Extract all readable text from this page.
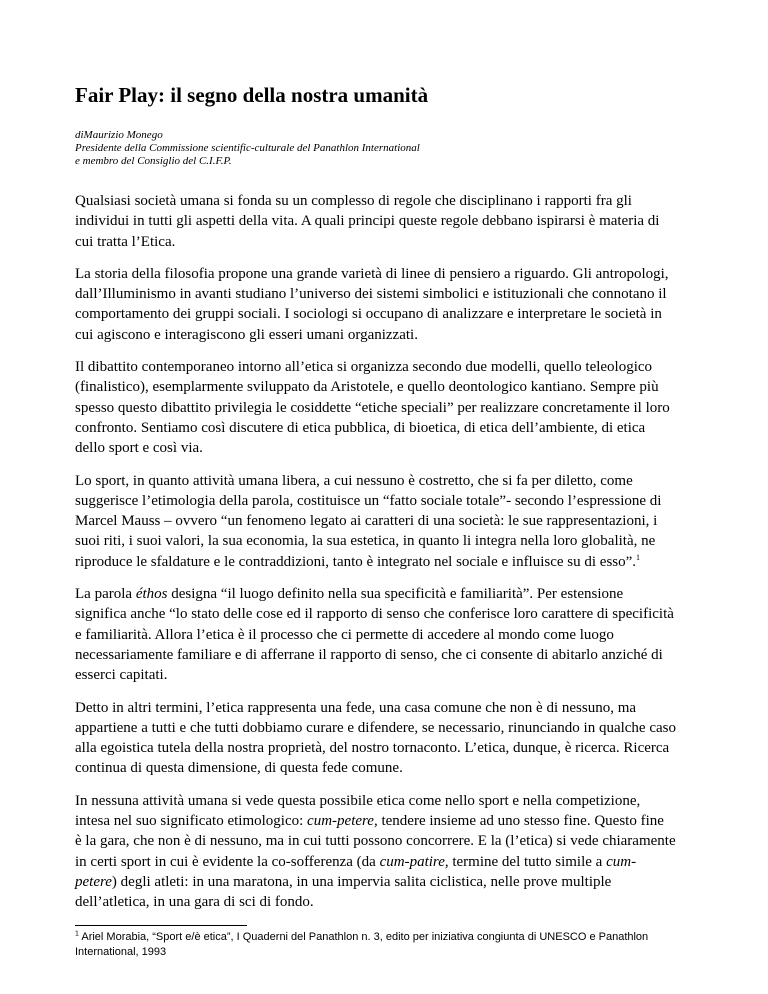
Fair Play: il segno della nostra umanità
diMaurizio Monego
Presidente della Commissione scientific-culturale del Panathlon International
e membro del Consiglio del C.I.F.P.
Qualsiasi società umana si fonda su un complesso di regole che disciplinano i rapporti fra gli
individui in tutti gli aspetti della vita. A quali principi queste regole debbano ispirarsi è materia di
cui tratta l’Etica.
La storia della filosofia propone una grande varietà di linee di pensiero a riguardo. Gli antropologi,
dall’Illuminismo in avanti studiano l’universo dei sistemi simbolici e istituzionali che connotano il
comportamento dei gruppi sociali. I sociologi si occupano di analizzare e interpretare le società in
cui agiscono e interagiscono gli esseri umani organizzati.
Il dibattito contemporaneo intorno all’etica si organizza secondo due modelli, quello teleologico
(finalistico), esemplarmente sviluppato da Aristotele, e quello deontologico kantiano. Sempre più
spesso questo dibattito privilegia le cosiddette “etiche speciali” per realizzare concretamente il loro
confronto. Sentiamo così discutere di etica pubblica, di bioetica, di etica dell’ambiente, di etica
dello sport e così via.
Lo sport, in quanto attività umana libera, a cui nessuno è costretto, che si fa per diletto, come
suggerisce l’etimologia della parola, costituisce un “fatto sociale totale”- secondo l’espressione di
Marcel Mauss – ovvero “un fenomeno legato ai caratteri di una società: le sue rappresentazioni, i
suoi riti, i suoi valori, la sua economia, la sua estetica, in quanto li integra nella loro globalità, ne
riproduce le sfaldature e le contraddizioni, tanto è integrato nel sociale e influisce su di esso”.$^1$
La parola éthos designa “il luogo definito nella sua specificità e familiarità”. Per estensione
significa anche “lo stato delle cose ed il rapporto di senso che conferisce loro carattere di specificità
e familiarità. Allora l’etica è il processo che ci permette di accedere al mondo come luogo
necessariamente familiare e di afferrane il rapporto di senso, che ci consente di abitarlo anziché di
esserci capitati.
Detto in altri termini, l’etica rappresenta una fede, una casa comune che non è di nessuno, ma
appartiene a tutti e che tutti dobbiamo curare e difendere, se necessario, rinunciando in qualche caso
alla egoistica tutela della nostra proprietà, del nostro tornaconto. L’etica, dunque, è ricerca. Ricerca
continua di questa dimensione, di questa fede comune.
In nessuna attività umana si vede questa possibile etica come nello sport e nella competizione,
intesa nel suo significato etimologico: cum-petere, tendere insieme ad uno stesso fine. Questo fine
è la gara, che non è di nessuno, ma in cui tutti possono concorrere. E la (l’etica) si vede chiaramente
in certi sport in cui è evidente la co-sofferenza (da cum-patire, termine del tutto simile a cum-
petere) degli atleti: in una maratona, in una impervia salita ciclistica, nelle prove multiple
dell’atletica, in una gara di sci di fondo.
$^1$ Ariel Morabia, “Sport e/è etica”, I Quaderni del Panathlon n. 3, edito per iniziativa congiunta di UNESCO e Panathlon
International, 1993
